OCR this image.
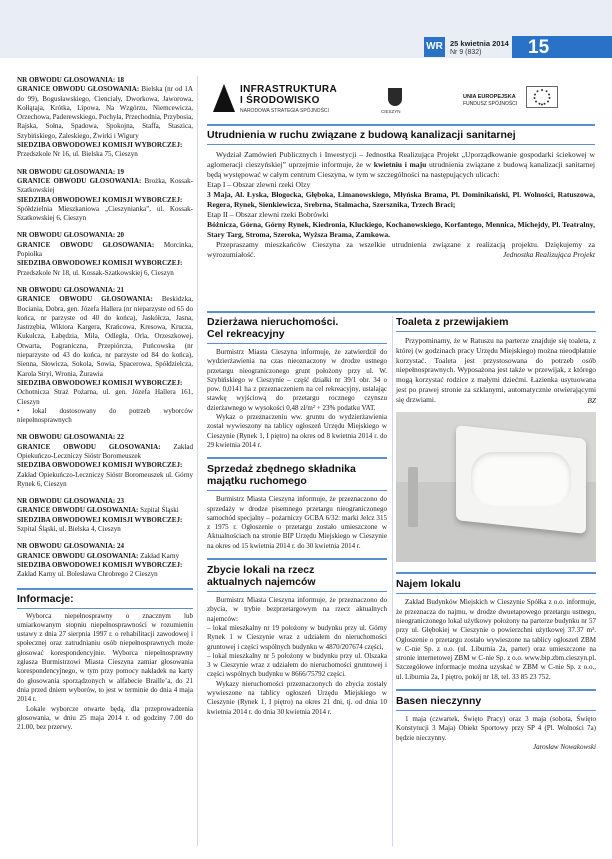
WR 25 kwietnia 2014
Nr 9 (832) 15

NR OBWODU GŁOSOWANIA: 18

GRANICE OBWODU GŁOSOWANIA: Bielska (nr od 1A do 99), Bogusławskiego, Cienciały, Dworkowa, Jaworowa, Kołłątaja, Krótka, Lipowa, Na Wzgórzu, Niemcewicza, Orzechowa, Paderewskiego, Pochyła, Przechodnia, Przybosia, Rajska, Sołna, Spadowa, Spokojna, Staffa, Staszica, Szybińskiego, Zaleskiego, Żwirki i Wigury

SIEDZIBA OBWODOWEJ KOMISJI WYBORCZEJ:

Przedszkole Nr 16, ul. Bielska 75, Cieszyn

NR OBWODU GŁOSOWANIA: 19

GRANICE OBWODU GŁOSOWANIA: Brożka, Kossak-Szatkowskiej

SIEDZIBA OBWODOWEJ KOMISJI WYBORCZEJ:

Spółdzielnia Mieszkaniowa „Cieszynianka”, ul. Kossak-Szatkowskiej 6, Cieszyn

NR OBWODU GŁOSOWANIA: 20

GRANICE OBWODU GŁOSOWANIA: Morcinka, Popiołka

SIEDZIBA OBWODOWEJ KOMISJI WYBORCZEJ:

Przedszkole Nr 18, ul. Kossak-Szatkowskiej 6, Cieszyn

NR OBWODU GŁOSOWANIA: 21

GRANICE OBWODU GŁOSOWANIA: Beskidzka, Bociania, Dobra, gen. Józefa Hallera (nr nieparzyste od 65 do końca, nr parzyste od 40 do końca), Jaskółcza, Jasna, Jastrzębia, Wiktora Kargera, Krańcowa, Kresowa, Krucza, Kukułcza, Łabędzia, Miła, Odległa, Orla, Orzeszkowej, Otwarta, Pograniczna, Przepiórcza, Puńcowska (nr nieparzyste od 43 do końca, nr parzyste od 84 do końca), Sienna, Słowicza, Sokola, Sowia, Spacerowa, Spółdzielcza, Karola Stryi, Wronia, Żurawia

SIEDZIBA OBWODOWEJ KOMISJI WYBORCZEJ:

Ochotnicza Straż Pożarna, ul. gen. Józefa Hallera 161, Cieszyn

• lokal dostosowany do potrzeb wyborców niepełnosprawnych

NR OBWODU GŁOSOWANIA: 22

GRANICE OBWODU GŁOSOWANIA: Zakład Opiekuńczo-Leczniczy Sióstr Boromeuszek

SIEDZIBA OBWODOWEJ KOMISJI WYBORCZEJ:

Zakład Opiekuńczo-Leczniczy Sióstr Boromeuszek ul. Górny Rynek 6, Cieszyn

NR OBWODU GŁOSOWANIA: 23

GRANICE OBWODU GŁOSOWANIA: Szpital Śląski

SIEDZIBA OBWODOWEJ KOMISJI WYBORCZEJ:

Szpital Śląski, ul. Bielska 4, Cieszyn

NR OBWODU GŁOSOWANIA: 24

GRANICE OBWODU GŁOSOWANIA: Zakład Karny

SIEDZIBA OBWODOWEJ KOMISJI WYBORCZEJ:

Zakład Karny ul. Bolesława Chrobrego 2 Cieszyn

Informacje:

Wyborca niepełnosprawny o znacznym lub umiarkowanym stopniu niepełnosprawności w rozumieniu ustawy z dnia 27 sierpnia 1997 r. o rehabilitacji zawodowej i społecznej oraz zatrudnianiu osób niepełnosprawnych może głosować korespondencyjnie. Wyborca niepełnosprawny zgłasza Burmistrzowi Miasta Cieszyna zamiar głosowania korespondencyjnego, w tym przy pomocy nakładek na karty do głosowania sporządzonych w alfabecie Braille’a, do 21 dnia przed dniem wyborów, to jest w terminie do dnia 4 maja 2014 r.

Lokale wyborcze otwarte będą, dla przeprowadzenia głosowania, w dniu 25 maja 2014 r. od godziny 7.00 do 21.00, bez przerwy.

INFRASTRUKTURA
I ŚRODOWISKO
NARODOWA STRATEGIA SPÓJNOŚCI	CIESZYN
UNIA EUROPEJSKA
FUNDUSZ SPÓJNOŚCI
Utrudnienia w ruchu związane z budową kanalizacji sanitarnej

Wydział Zamówień Publicznych i Inwestycji – Jednostka Realizująca Projekt „Uporządkowanie gospodarki ściekowej w aglomeracji cieszyńskiej” uprzejmie informuje, że w kwietniu i maju utrudnienia związane z budową kanalizacji sanitarnej będą występować w całym centrum Cieszyna, w tym w szczególności na następujących ulicach:

Etap I – Obszar zlewni rzeki Olzy

3 Maja, Al. Łyska, Błogocka, Głęboka, Limanowskiego, Młyńska Brama, Pl. Dominikański, Pl. Wolności, Ratuszowa, Regera, Rynek, Sienkiewicza, Srebrna, Stalmacha, Szersznika, Trzech Braci;

Etap II – Obszar zlewni rzeki Bobrówki

Bóżnicza, Górna, Górny Rynek, Kiedronia, Kluckiego, Kochanowskiego, Korfantego, Mennica, Michejdy, Pl. Teatralny, Stary Targ, Stroma, Szeroka, Wyższa Brama, Zamkowa.

Przepraszamy mieszkańców Cieszyna za wszelkie utrudnienia związane z realizacją projektu. Dziękujemy za wyrozumiałość.	Jednostka Realizująca Projekt

Dzierżawa nieruchomości.
Cel rekreacyjny

Burmistrz Miasta Cieszyna informuje, że zatwierdził do wydzierżawienia na czas nieoznaczony w drodze ustnego przetargu nieograniczonego grunt położony przy ul. W. Szybińskiego w Cieszynie – część działki nr 39/1 obr. 34 o pow. 0,0141 ha z przeznaczeniem na cel rekreacyjny, ustalając stawkę wyjściową do przetargu rocznego czynszu dzierżawnego w wysokości 0,48 zł/m² + 23% podatku VAT.

Wykaz o przeznaczeniu ww. gruntu do wydzierżawienia został wywieszony na tablicy ogłoszeń Urzędu Miejskiego w Cieszynie (Rynek 1, I piętro) na okres od 8 kwietnia 2014 r. do 29 kwietnia 2014 r.

Sprzedaż zbędnego składnika
majątku ruchomego

Burmistrz Miasta Cieszyna informuje, że przeznaczono do sprzedaży w drodze pisemnego przetargu nieograniczonego samochód specjalny – pożarniczy GCBA 6/32: marki Jelcz 315 z 1975 r. Ogłoszenie o przetargu zostało umieszczone w Aktualnościach na stronie BIP Urzędu Miejskiego w Cieszynie na okres od 15 kwietnia 2014 r. do 30 kwietnia 2014 r.

Zbycie lokali na rzecz
aktualnych najemców

Burmistrz Miasta Cieszyna informuje, że przeznaczono do zbycia, w trybie bezprzetargowym na rzecz aktualnych najemców:

– lokal mieszkalny nr 19 położony w budynku przy ul. Górny Rynek 1 w Cieszynie wraz z udziałem do nieruchomości gruntowej i części wspólnych budynku w 4870/207674 części,

– lokal mieszkalny nr 5 położony w budynku przy ul. Olszaka 3 w Cieszynie wraz z udziałem do nieruchomości gruntowej i części wspólnych budynku w 8666/75792 części.

Wykazy nieruchomości przeznaczonych do zbycia zostały wywieszone na tablicy ogłoszeń Urzędu Miejskiego w Cieszynie (Rynek 1, I piętro) na okres 21 dni, tj. od dnia 10 kwietnia 2014 r. do dnia 30 kwietnia 2014 r.

Toaleta z przewijakiem

Przypominamy, że w Ratuszu na parterze znajduje się toaleta, z której (w godzinach pracy Urzędu Miejskiego) można nieodpłatnie korzystać. Toaleta jest przystosowana do potrzeb osób niepełnosprawnych. Wyposażona jest także w przewijak, z którego mogą korzystać rodzice z małymi dziećmi. Łazienka usytuowana jest po prawej stronie za szklanymi, automatycznie otwierającymi się drzwiami.	BZ

Najem lokalu

Zakład Budynków Miejskich w Cieszynie Spółka z o.o. informuje, że przeznacza do najmu, w drodze dwuetapowego przetargu ustnego, nieograniczonego lokal użytkowy położony na parterze budynku nr 57 przy ul. Głębokiej w Cieszynie o powierzchni użytkowej 37.37 m². Ogłoszenie o przetargu zostało wywieszone na tablicy ogłoszeń ZBM w C-nie Sp. z o.o. (ul. Liburnia 2a, parter) oraz umieszczone na stronie internetowej ZBM w C-nie Sp. z o.o. www.bip.zbm.cieszyn.pl. Szczegółowe informacje można uzyskać w ZBM w C-nie Sp. z o.o., ul. Liburnia 2a, I piętro, pokój nr 18, tel. 33 85 23 752.

Basen nieczynny

1 maja (czwartek, Święto Pracy) oraz 3 maja (sobota, Święto Konstytucji 3 Maja) Obiekt Sportowy przy SP 4 (Pl. Wolności 7a) będzie nieczynny.

Jarosław Nowakowski
